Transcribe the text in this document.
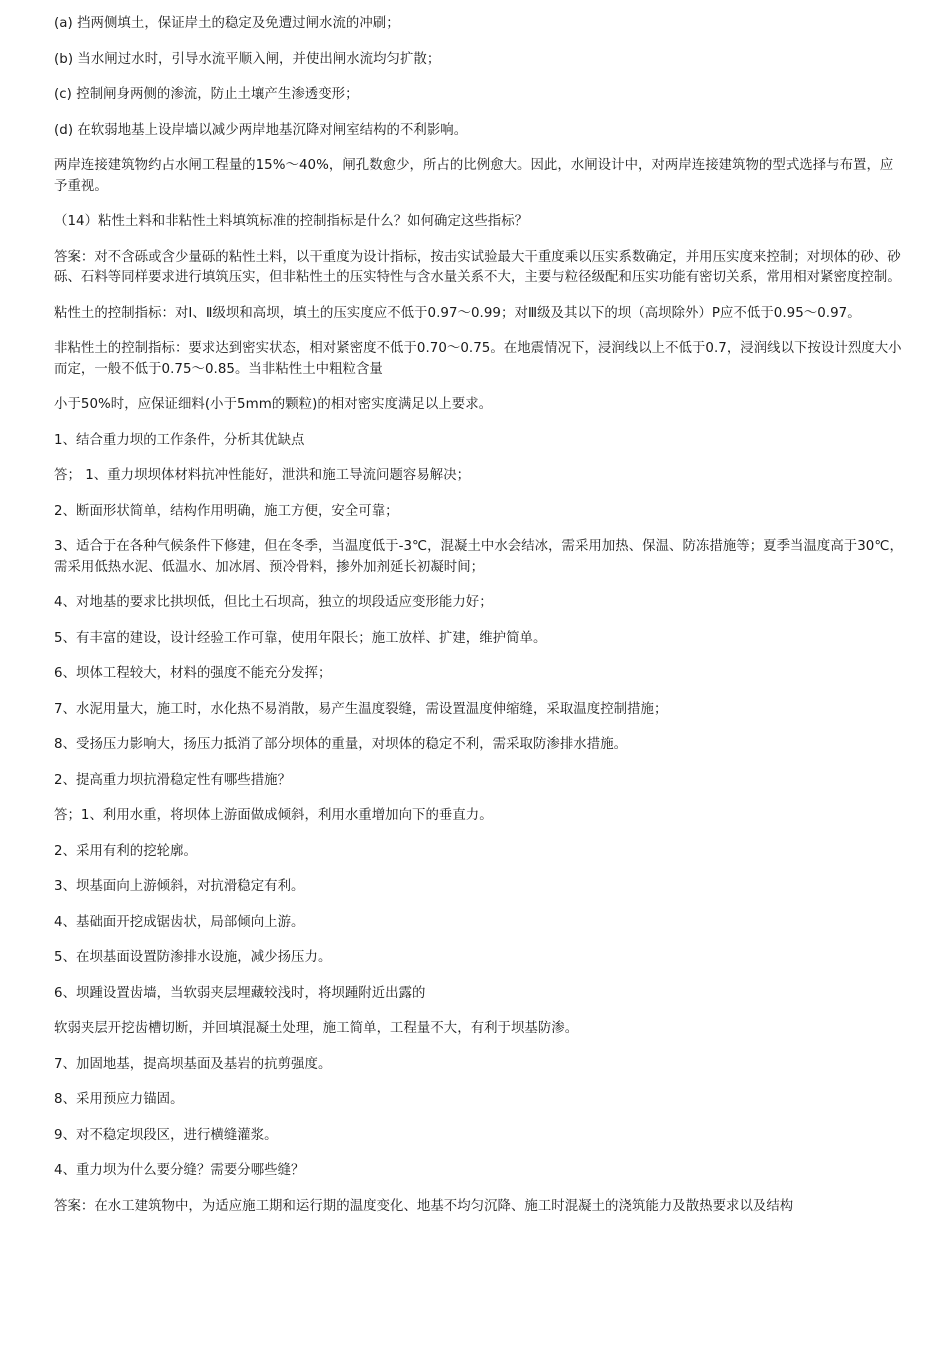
(a) 挡两侧填土，保证岸土的稳定及免遭过闸水流的冲刷；

(b) 当水闸过水时，引导水流平顺入闸，并使出闸水流均匀扩散；

(c) 控制闸身两侧的渗流，防止土壤产生渗透变形；

(d) 在软弱地基上设岸墙以减少两岸地基沉降对闸室结构的不利影响。

两岸连接建筑物约占水闸工程量的15%～40%，闸孔数愈少，所占的比例愈大。因此，水闸设计中，对两岸连接建筑物的型式选择与布置，应予重视。

（14）粘性土料和非粘性土料填筑标准的控制指标是什么？如何确定这些指标？

答案：对不含砾或含少量砾的粘性土料，以干重度为设计指标，按击实试验最大干重度乘以压实系数确定，并用压实度来控制；对坝体的砂、砂砾、石料等同样要求进行填筑压实，但非粘性土的压实特性与含水量关系不大，主要与粒径级配和压实功能有密切关系，常用相对紧密度控制。

粘性土的控制指标：对Ⅰ、Ⅱ级坝和高坝，填土的压实度应不低于0.97～0.99；对Ⅲ级及其以下的坝（高坝除外）P应不低于0.95～0.97。

非粘性土的控制指标：要求达到密实状态，相对紧密度不低于0.70～0.75。在地震情况下，浸润线以上不低于0.7，浸润线以下按设计烈度大小而定，一般不低于0.75～0.85。当非粘性土中粗粒含量

小于50%时，应保证细料(小于5mm的颗粒)的相对密实度满足以上要求。

1、结合重力坝的工作条件，分析其优缺点

答； 1、重力坝坝体材料抗冲性能好，泄洪和施工导流问题容易解决；

2、断面形状简单，结构作用明确，施工方便，安全可靠；

3、适合于在各种气候条件下修建，但在冬季，当温度低于-3℃，混凝土中水会结冰，需采用加热、保温、防冻措施等；夏季当温度高于30℃，需采用低热水泥、低温水、加冰屑、预冷骨料，掺外加剂延长初凝时间；

4、对地基的要求比拱坝低，但比土石坝高，独立的坝段适应变形能力好；

5、有丰富的建设，设计经验工作可靠，使用年限长；施工放样、扩建，维护简单。

6、坝体工程较大，材料的强度不能充分发挥；

7、水泥用量大，施工时，水化热不易消散，易产生温度裂缝，需设置温度伸缩缝，采取温度控制措施；

8、受扬压力影响大，扬压力抵消了部分坝体的重量，对坝体的稳定不利，需采取防渗排水措施。

2、提高重力坝抗滑稳定性有哪些措施？

答；1、利用水重，将坝体上游面做成倾斜，利用水重增加向下的垂直力。

2、采用有利的挖轮廓。

3、坝基面向上游倾斜，对抗滑稳定有利。

4、基础面开挖成锯齿状，局部倾向上游。

5、在坝基面设置防渗排水设施，减少扬压力。

6、坝踵设置齿墙，当软弱夹层埋藏较浅时，将坝踵附近出露的

软弱夹层开挖齿槽切断，并回填混凝土处理，施工简单，工程量不大，有利于坝基防渗。

7、加固地基，提高坝基面及基岩的抗剪强度。

8、采用预应力锚固。

9、对不稳定坝段区，进行横缝灌浆。

4、重力坝为什么要分缝？需要分哪些缝？

答案：在水工建筑物中，为适应施工期和运行期的温度变化、地基不均匀沉降、施工时混凝土的浇筑能力及散热要求以及结构
